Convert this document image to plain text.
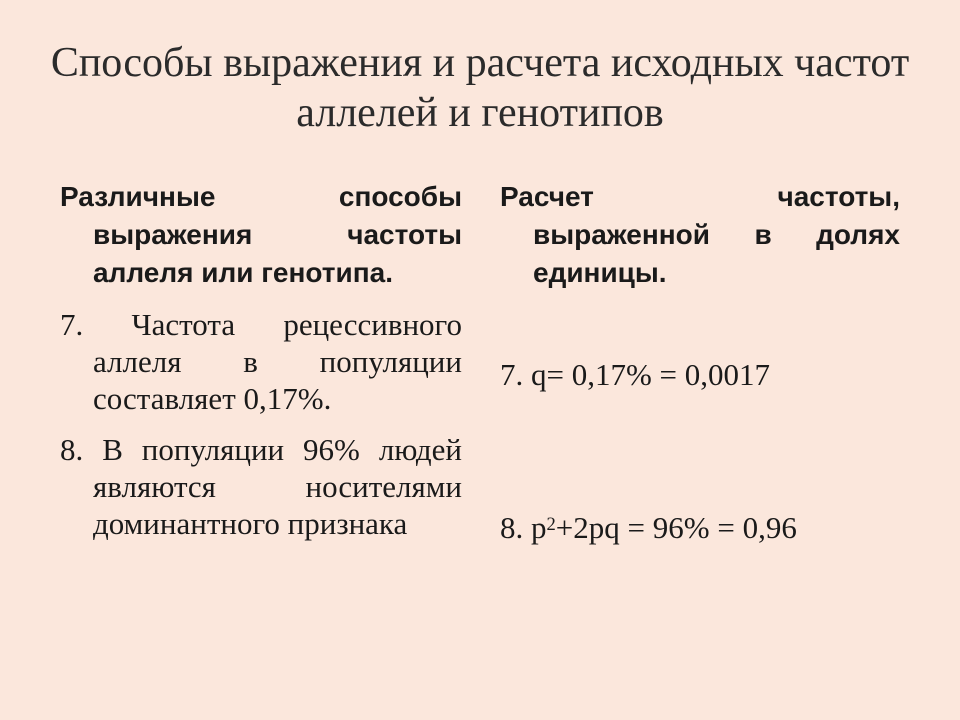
Способы выражения и расчета исходных частот аллелей и генотипов
Различные способы выражения частоты аллеля или генотипа.
7. Частота рецессивного аллеля в популяции составляет 0,17%.
8. В популяции 96% людей являются носителями доминантного признака
Расчет частоты, выраженной в долях единицы.
7. q= 0,17% = 0,0017
8. $p^2+2pq = 96\% = 0,96$
